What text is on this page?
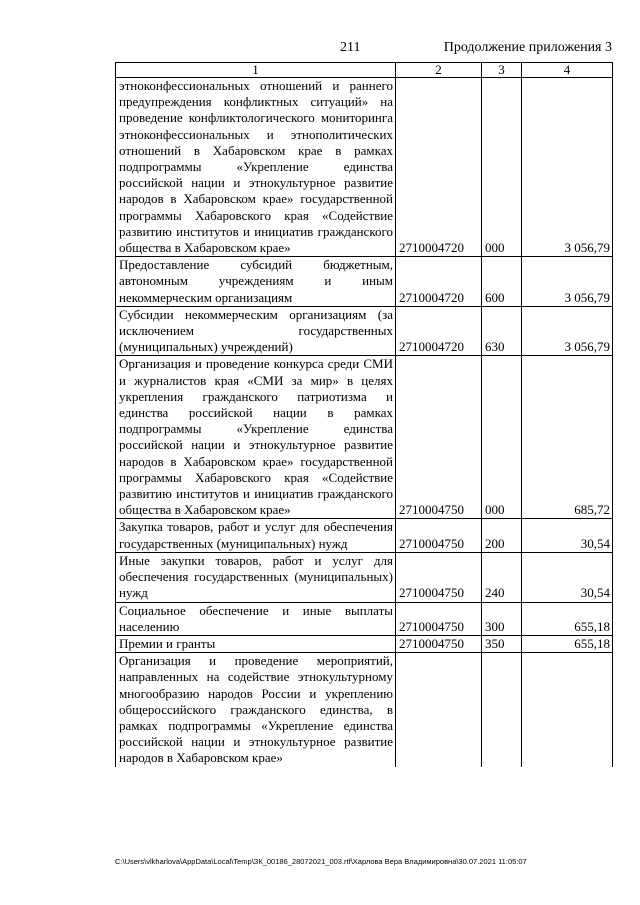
211	Продолжение приложения 3
1	2	3	4
этноконфессиональных отношений и раннего предупреждения конфликтных ситуаций» на проведение конфликтологического мониторинга этноконфессиональных и этнополитических отношений в Хабаровском крае в рамках подпрограммы «Укрепление единства российской нации и этнокультурное развитие народов в Хабаровском крае» государственной программы Хабаровского края «Содействие развитию институтов и инициатив гражданского общества в Хабаровском крае»	2710004720	000	3 056,79
Предоставление субсидий бюджетным, автономным учреждениям и иным некоммерческим организациям	2710004720	600	3 056,79
Субсидии некоммерческим организациям (за исключением государственных (муниципальных) учреждений)	2710004720	630	3 056,79
Организация и проведение конкурса среди СМИ и журналистов края «СМИ за мир» в целях укрепления гражданского патриотизма и единства российской нации в рамках подпрограммы «Укрепление единства российской нации и этнокультурное развитие народов в Хабаровском крае» государственной программы Хабаровского края «Содействие развитию институтов и инициатив гражданского общества в Хабаровском крае»	2710004750	000	685,72
Закупка товаров, работ и услуг для обеспечения государственных (муниципальных) нужд	2710004750	200	30,54
Иные закупки товаров, работ и услуг для обеспечения государственных (муниципальных) нужд	2710004750	240	30,54
Социальное обеспечение и иные выплаты населению	2710004750	300	655,18
Премии и гранты	2710004750	350	655,18
Организация и проведение мероприятий, направленных на содействие этнокультурному многообразию народов России и укреплению общероссийского гражданского единства, в рамках подпрограммы «Укрепление единства российской нации и этнокультурное развитие народов в Хабаровском крае»			
C:\Users\vlkharlova\AppData\Local\Temp\ЗК_00186_28072021_003.rtf\Харлова Вера Владимировна\30.07.2021 11:05:07
